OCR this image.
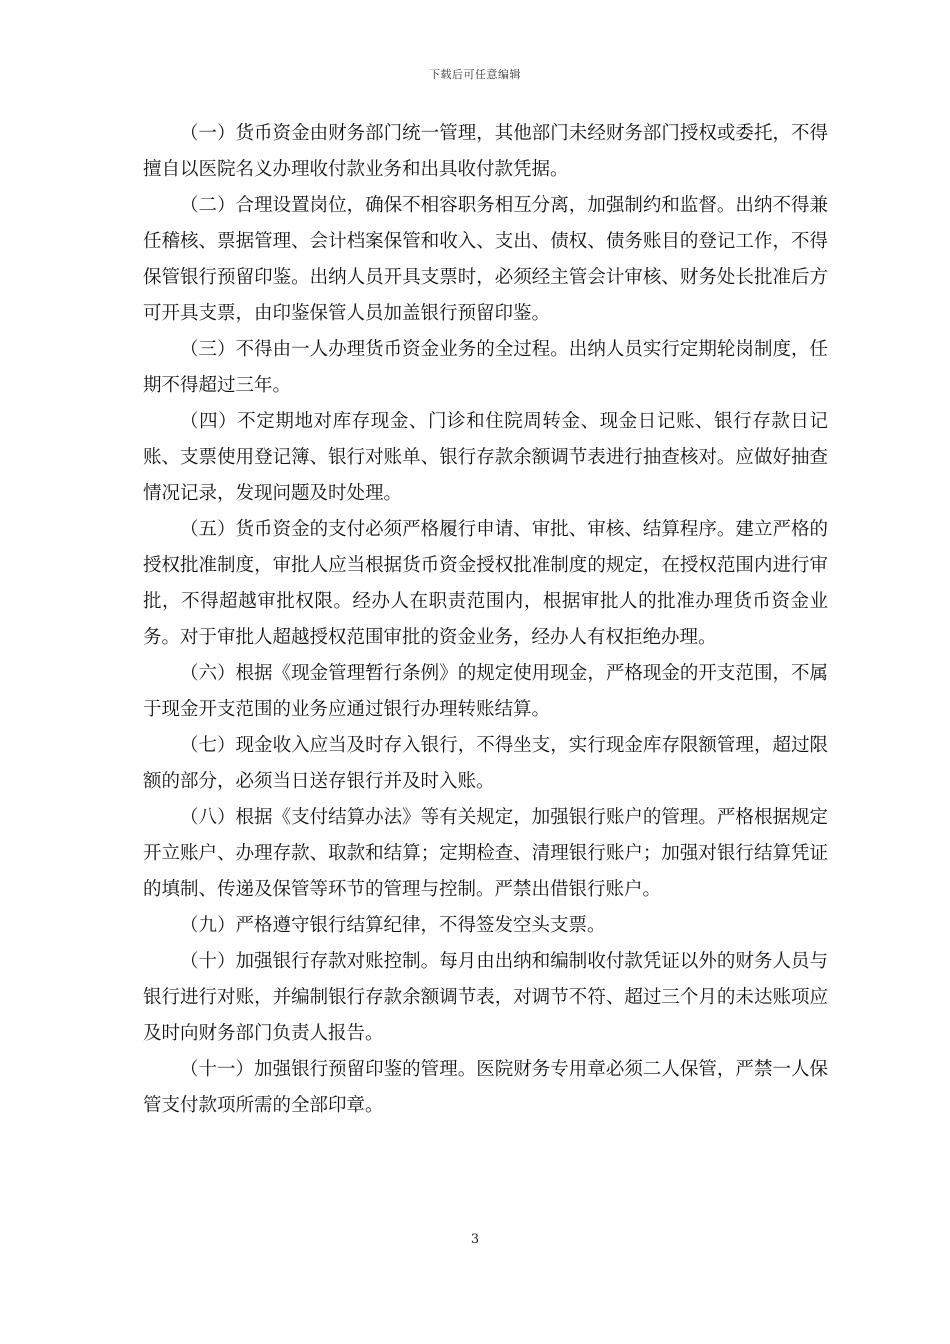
下载后可任意编辑

（一）货币资金由财务部门统一管理，其他部门未经财务部门授权或委托，不得擅自以医院名义办理收付款业务和出具收付款凭据。

（二）合理设置岗位，确保不相容职务相互分离，加强制约和监督。出纳不得兼任稽核、票据管理、会计档案保管和收入、支出、债权、债务账目的登记工作，不得保管银行预留印鉴。出纳人员开具支票时，必须经主管会计审核、财务处长批准后方可开具支票，由印鉴保管人员加盖银行预留印鉴。

（三）不得由一人办理货币资金业务的全过程。出纳人员实行定期轮岗制度，任期不得超过三年。

（四）不定期地对库存现金、门诊和住院周转金、现金日记账、银行存款日记账、支票使用登记簿、银行对账单、银行存款余额调节表进行抽查核对。应做好抽查情况记录，发现问题及时处理。

（五）货币资金的支付必须严格履行申请、审批、审核、结算程序。建立严格的授权批准制度，审批人应当根据货币资金授权批准制度的规定，在授权范围内进行审批，不得超越审批权限。经办人在职责范围内，根据审批人的批准办理货币资金业务。对于审批人超越授权范围审批的资金业务，经办人有权拒绝办理。

（六）根据《现金管理暂行条例》的规定使用现金，严格现金的开支范围，不属于现金开支范围的业务应通过银行办理转账结算。

（七）现金收入应当及时存入银行，不得坐支，实行现金库存限额管理，超过限额的部分，必须当日送存银行并及时入账。

（八）根据《支付结算办法》等有关规定，加强银行账户的管理。严格根据规定开立账户、办理存款、取款和结算；定期检查、清理银行账户；加强对银行结算凭证的填制、传递及保管等环节的管理与控制。严禁出借银行账户。

（九）严格遵守银行结算纪律，不得签发空头支票。

（十）加强银行存款对账控制。每月由出纳和编制收付款凭证以外的财务人员与银行进行对账，并编制银行存款余额调节表，对调节不符、超过三个月的未达账项应及时向财务部门负责人报告。

（十一）加强银行预留印鉴的管理。医院财务专用章必须二人保管，严禁一人保管支付款项所需的全部印章。

3
